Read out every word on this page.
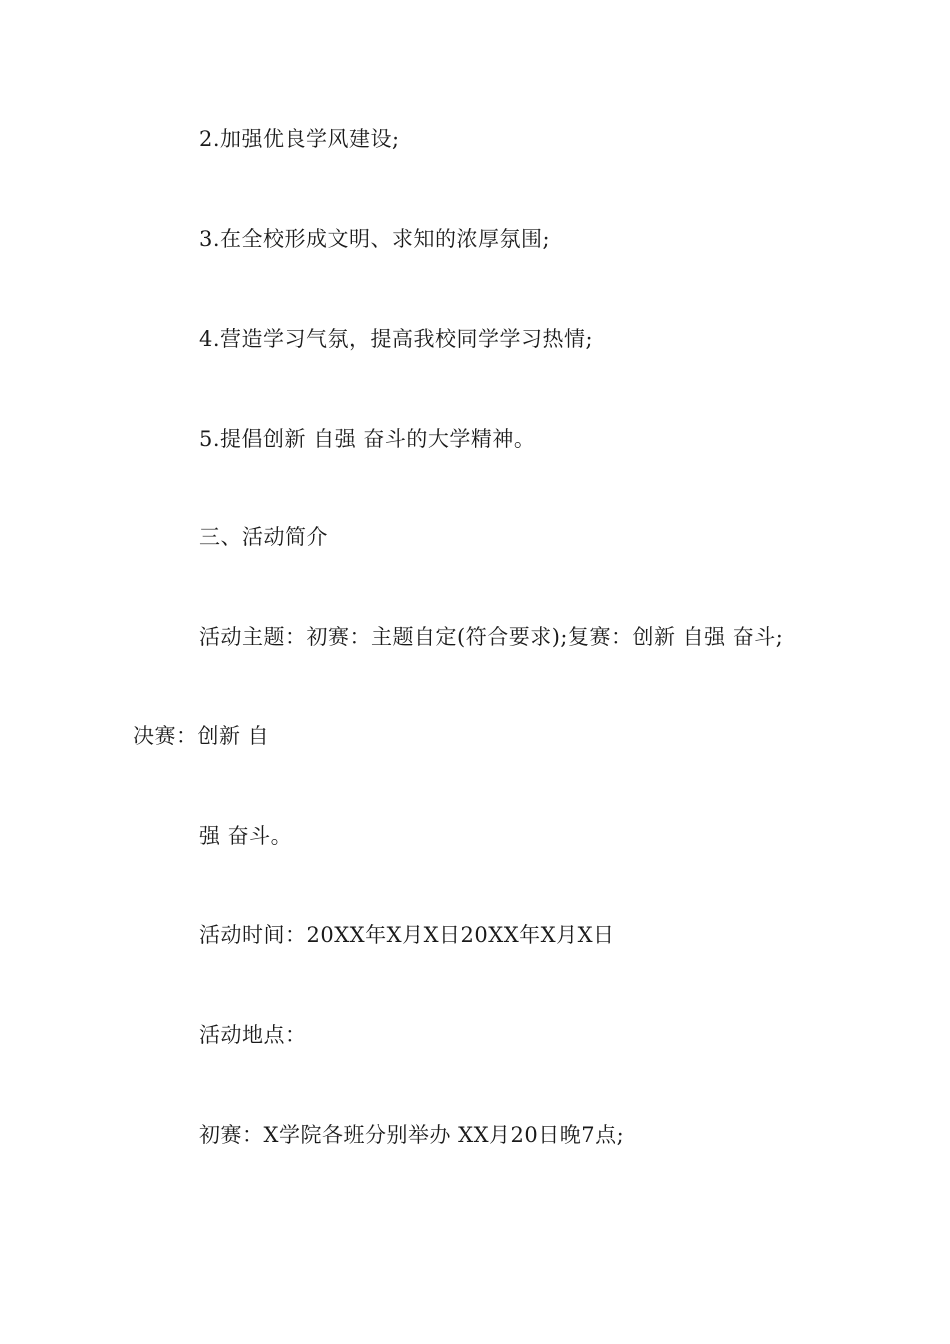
2.加强优良学风建设;
3.在全校形成文明、求知的浓厚氛围;
4.营造学习气氛，提高我校同学学习热情;
5.提倡创新 自强 奋斗的大学精神。
三、活动简介
活动主题：初赛：主题自定(符合要求);复赛：创新 自强 奋斗;
决赛：创新 自
强 奋斗。
活动时间：20XX年X月X日20XX年X月X日
活动地点：
初赛：X学院各班分别举办 XX月20日晚7点;
